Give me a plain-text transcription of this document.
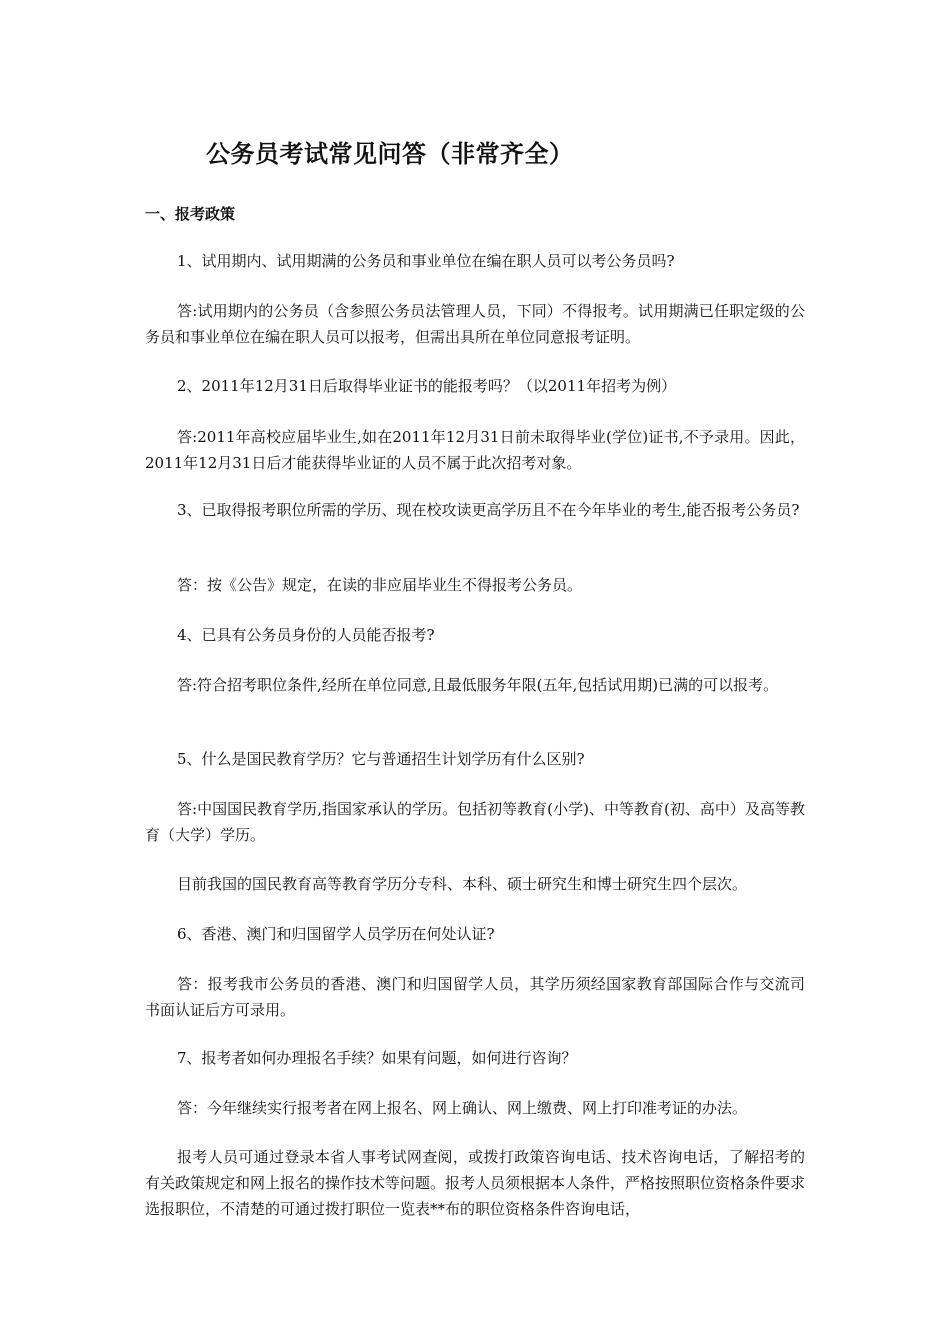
公务员考试常见问答（非常齐全）
一、报考政策

1、试用期内、试用期满的公务员和事业单位在编在职人员可以考公务员吗?

答:试用期内的公务员（含参照公务员法管理人员，下同）不得报考。试用期满已任职定级的公务员和事业单位在编在职人员可以报考，但需出具所在单位同意报考证明。

2、2011年12月31日后取得毕业证书的能报考吗？（以2011年招考为例）

答:2011年高校应届毕业生,如在2011年12月31日前未取得毕业(学位)证书,不予录用。因此，2011年12月31日后才能获得毕业证的人员不属于此次招考对象。

3、已取得报考职位所需的学历、现在校攻读更高学历且不在今年毕业的考生,能否报考公务员?

答：按《公告》规定，在读的非应届毕业生不得报考公务员。

4、已具有公务员身份的人员能否报考?

答:符合招考职位条件,经所在单位同意,且最低服务年限(五年,包括试用期)已满的可以报考。

5、什么是国民教育学历？它与普通招生计划学历有什么区别?

答:中国国民教育学历,指国家承认的学历。包括初等教育(小学)、中等教育(初、高中）及高等教育（大学）学历。

目前我国的国民教育高等教育学历分专科、本科、硕士研究生和博士研究生四个层次。

6、香港、澳门和归国留学人员学历在何处认证?

答：报考我市公务员的香港、澳门和归国留学人员，其学历须经国家教育部国际合作与交流司书面认证后方可录用。

7、报考者如何办理报名手续？如果有问题，如何进行咨询？

答：今年继续实行报考者在网上报名、网上确认、网上缴费、网上打印准考证的办法。

报考人员可通过登录本省人事考试网查阅，或拨打政策咨询电话、技术咨询电话，了解招考的有关政策规定和网上报名的操作技术等问题。报考人员须根据本人条件，严格按照职位资格条件要求选报职位，不清楚的可通过拨打职位一览表**布的职位资格条件咨询电话，
